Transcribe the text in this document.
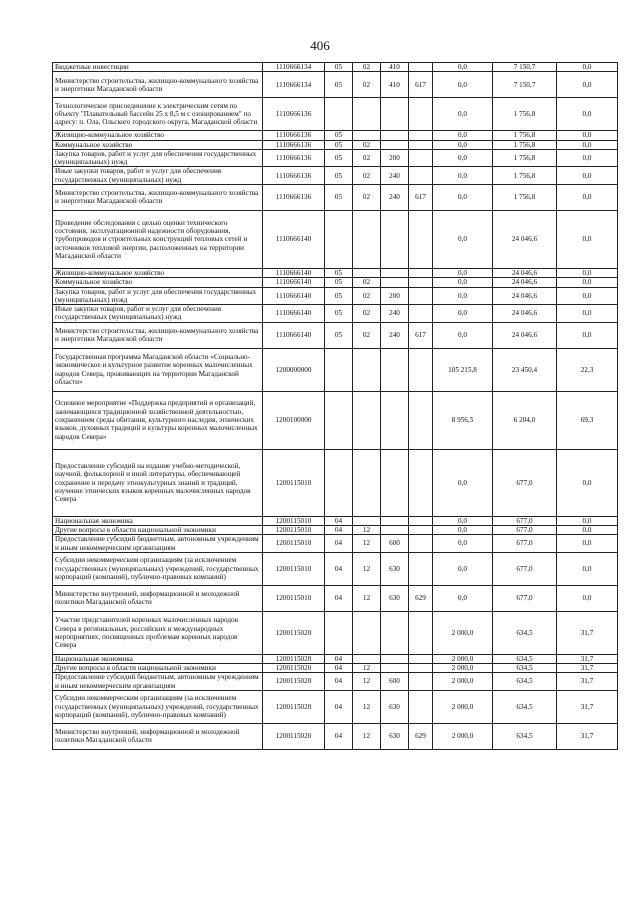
406
Бюджетные инвестиции	1110666134	05	02	410		0,0	7 150,7	0,0
Министерство строительства, жилищно-коммунального хозяйства и энергетики Магаданской области	1110666134	05	02	410	617	0,0	7 150,7	0,0
Технологическое присоединение к электрическим сетям по объекту "Плавательный бассейн 25 х 8,5 м с озонированием" по адресу: п. Ола, Ольского городского округа, Магаданской области	1110666136					0,0	1 756,8	0,0
Жилищно-коммунальное хозяйство	1110666136	05				0,0	1 756,8	0,0
Коммунальное хозяйство	1110666136	05	02			0,0	1 756,8	0,0
Закупка товаров, работ и услуг для обеспечения государственных (муниципальных) нужд	1110666136	05	02	200		0,0	1 756,8	0,0
Иные закупки товаров, работ и услуг для обеспечения государственных (муниципальных) нужд	1110666136	05	02	240		0,0	1 756,8	0,0
Министерство строительства, жилищно-коммунального хозяйства и энергетики Магаданской области	1110666136	05	02	240	617	0,0	1 756,8	0,0
Проведение обследования с целью оценки технического состояния, эксплуатационной надежности оборудования, трубопроводов и строительных конструкций тепловых сетей и источников тепловой энергии, расположенных на территории Магаданской области	1110666140					0,0	24 046,6	0,0
Жилищно-коммунальное хозяйство	1110666140	05				0,0	24 046,6	0,0
Коммунальное хозяйство	1110666140	05	02			0,0	24 046,6	0,0
Закупка товаров, работ и услуг для обеспечения государственных (муниципальных) нужд	1110666140	05	02	200		0,0	24 046,6	0,0
Иные закупки товаров, работ и услуг для обеспечения государственных (муниципальных) нужд	1110666140	05	02	240		0,0	24 046,6	0,0
Министерство строительства, жилищно-коммунального хозяйства и энергетики Магаданской области	1110666140	05	02	240	617	0,0	24 046,6	0,0
Государственная программа Магаданской области «Социально-экономическое и культурное развитие коренных малочисленных народов Севера, проживающих на территории Магаданской области»	1200000000					105 215,8	23 450,4	22,3
Основное мероприятие «Поддержка предприятий и организаций, занимающихся традиционной хозяйственной деятельностью, сохранением среды обитания, культурного наследия, этнических языков, духовных традиций и культуры коренных малочисленных народов Севера»	1200100000					8 956,5	6 204,0	69,3
Предоставление субсидий на издание учебно-методической, научной, фольклорной и иной литературы, обеспечивающей сохранение и передачу этнокультурных знаний и традиций, изучение этнических языков коренных малочисленных народов Севера	1200115010					0,0	677,0	0,0
Национальная экономика	1200115010	04				0,0	677,0	0,0
Другие вопросы в области национальной экономики	1200115010	04	12			0,0	677,0	0,0
Предоставление субсидий бюджетным, автономным учреждениям и иным некоммерческим организациям	1200115010	04	12	600		0,0	677,0	0,0
Субсидии некоммерческим организациям (за исключением государственных (муниципальных) учреждений, государственных корпораций (компаний), публично-правовых компаний)	1200115010	04	12	630		0,0	677,0	0,0
Министерство внутренней, информационной и молодежной политики Магаданской области	1200115010	04	12	630	629	0,0	677,0	0,0
Участие представителей коренных малочисленных народов Севера в региональных, российских и международных мероприятиях, посвященных проблемам коренных народов Севера	1200115020					2 000,0	634,5	31,7
Национальная экономика	1200115020	04				2 000,0	634,5	31,7
Другие вопросы в области национальной экономики	1200115020	04	12			2 000,0	634,5	31,7
Предоставление субсидий бюджетным, автономным учреждениям и иным некоммерческим организациям	1200115020	04	12	600		2 000,0	634,5	31,7
Субсидии некоммерческим организациям (за исключением государственных (муниципальных) учреждений, государственных корпораций (компаний), публично-правовых компаний)	1200115020	04	12	630		2 000,0	634,5	31,7
Министерство внутренней, информационной и молодежной политики Магаданской области	1200115020	04	12	630	629	2 000,0	634,5	31,7
